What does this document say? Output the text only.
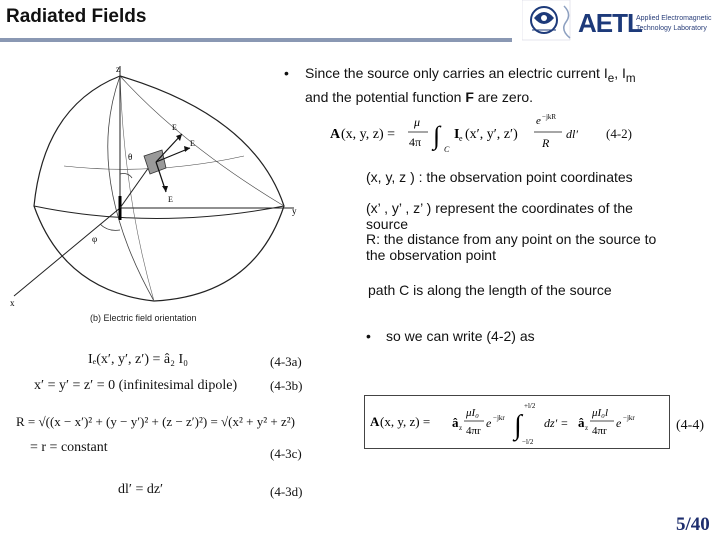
Radiated Fields	AETL
Applied Electromagnetic
Technology Laboratory
z
y
x
θ
φ
E
E
E
(b) Electric field orientation
• Since the source only carries an electric current $I_e$, $I_m$
and the potential function F are zero.
A (x, y, z) =
μ
4π ∫ C
I e (x′, y′, z′)
e −jkR
R
dl′ (4-2)
(x, y, z ) : the observation point coordinates
(x’ , y’ , z’ ) represent the coordinates of the source
R: the distance from any point on the source to the observation point
path C is along the length of the source
• so we can write (4-2) as
Iₑ(x′, y′, z′) = â₂ I₀	(4-3a)
x′ = y′ = z′ = 0 (infinitesimal dipole)	(4-3b)
R = √((x − x′)² + (y − y′)² + (z − z′)²) = √(x² + y² + z²)
= r = constant	(4-3c)
dl′ = dz′	(4-3d)
A (x, y, z) = â z
μI₀
4πr
e −jkr ∫
+l/2
−l/2
dz′ = â z
μI₀l
4πr
e −jkr	(4-4)
5/40
